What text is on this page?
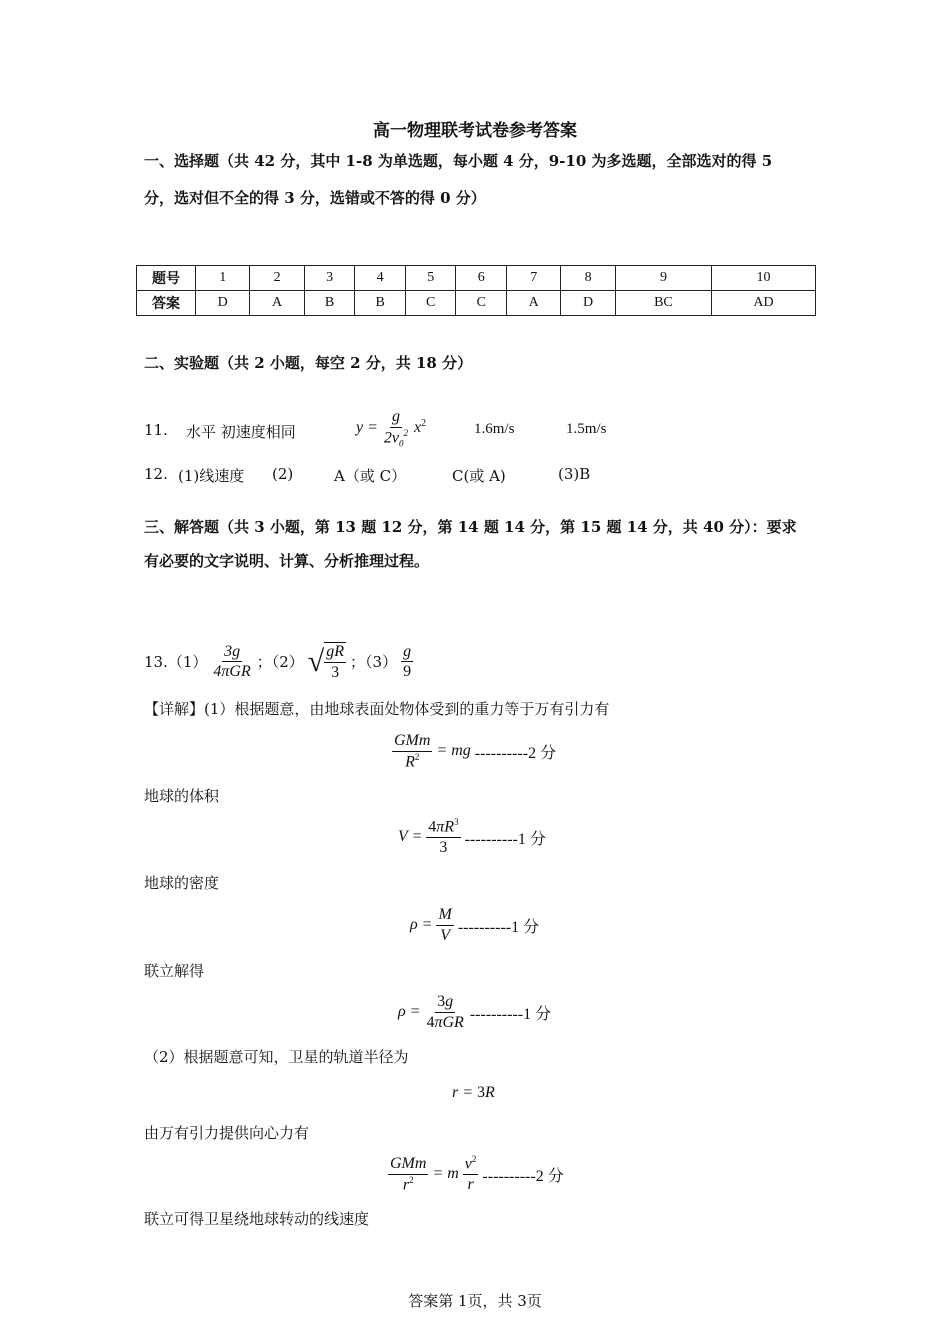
高一物理联考试卷参考答案
一、选择题（共 42 分，其中 1-8 为单选题，每小题 4 分，9-10 为多选题，全部选对的得 5
分，选对但不全的得 3 分，选错或不答的得 0 分）
题号	1	2	3	4	5	6	7	8	9	10
答案	D	A	B	B	C	C	A	D	BC	AD
二、实验题（共 2 小题，每空 2 分，共 18 分）
11. 水平 初速度相同	$y = \frac{g}{2v_0^2} x^2$	1.6m/s	1.5m/s
12. (1)线速度 (2)	A（或 C）	C(或 A)	(3)B
三、解答题（共 3 小题，第 13 题 12 分，第 14 题 14 分，第 15 题 14 分，共 40 分）：要求
有必要的文字说明、计算、分析推理过程。
$13.(1) \frac{3g}{\text{4πGR}}$ ；（2） √ $\frac{gR}{3}$ ；$(3) \frac{g}{9}$
【详解】(1）根据题意，由地球表面处物体受到的重力等于万有引力有
$\frac{\text{GMm}}{R^2}$ = mg ----------2 分
地球的体积
$V = \frac{4\pi R^3}{3} ----------1$ 分
地球的密度
$\rho = \frac{M}{V} ----------1$ 分
联立解得
$\rho = \frac{3g}{\text{4πGR}} ----------1$ 分
（2）根据题意可知，卫星的轨道半径为
r = 3R
由万有引力提供向心力有
$\frac{\text{GMm}}{r^2} = m \frac{v^2}{r} ----------2$ 分
联立可得卫星绕地球转动的线速度
答案第 1页，共 3页
